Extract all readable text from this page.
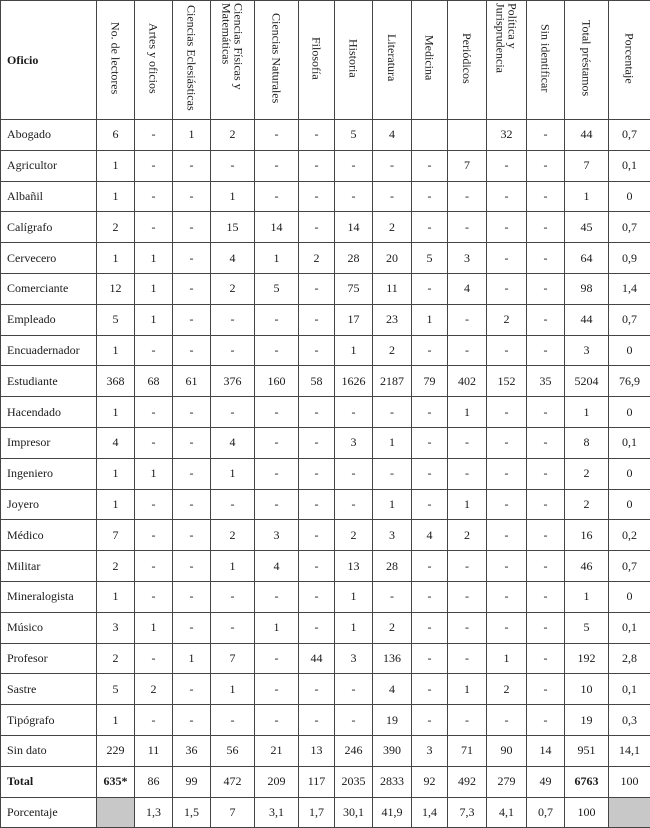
Oficio	No. de lectores	Artes y oficios	Ciencias Eclesiásticas	Ciencias Físicas y Matemáticas	Ciencias Naturales	Filosofía	Historia	Literatura	Medicina	Periódicos	Política y Jurisprudencia	Sin identificar	Total préstamos	Porcentaje
Abogado	6	-	1	2	-	-	5	4			32	-	44	0,7
Agricultor	1	-	-	-	-	-	-	-	-	7	-	-	7	0,1
Albañil	1	-	-	1	-	-	-	-	-	-	-	-	1	0
Calígrafo	2	-	-	15	14	-	14	2	-	-	-	-	45	0,7
Cervecero	1	1	-	4	1	2	28	20	5	3	-	-	64	0,9
Comerciante	12	1	-	2	5	-	75	11	-	4	-	-	98	1,4
Empleado	5	1	-	-	-	-	17	23	1	-	2	-	44	0,7
Encuadernador	1	-	-	-	-	-	1	2	-	-	-	-	3	0
Estudiante	368	68	61	376	160	58	1626	2187	79	402	152	35	5204	76,9
Hacendado	1	-	-	-	-	-	-	-	-	1	-	-	1	0
Impresor	4	-	-	4	-	-	3	1	-	-	-	-	8	0,1
Ingeniero	1	1	-	1	-	-	-	-	-	-	-	-	2	0
Joyero	1	-	-	-	-	-	-	1	-	1	-	-	2	0
Médico	7	-	-	2	3	-	2	3	4	2	-	-	16	0,2
Militar	2	-	-	1	4	-	13	28	-	-	-	-	46	0,7
Mineralogista	1	-	-	-	-	-	1	-	-	-	-	-	1	0
Músico	3	1	-	-	1	-	1	2	-	-	-	-	5	0,1
Profesor	2	-	1	7	-	44	3	136	-	-	1	-	192	2,8
Sastre	5	2	-	1	-	-	-	4	-	1	2	-	10	0,1
Tipógrafo	1	-	-	-	-	-	-	19	-	-	-	-	19	0,3
Sin dato	229	11	36	56	21	13	246	390	3	71	90	14	951	14,1
Total	635*	86	99	472	209	117	2035	2833	92	492	279	49	6763	100
Porcentaje		1,3	1,5	7	3,1	1,7	30,1	41,9	1,4	7,3	4,1	0,7	100	
